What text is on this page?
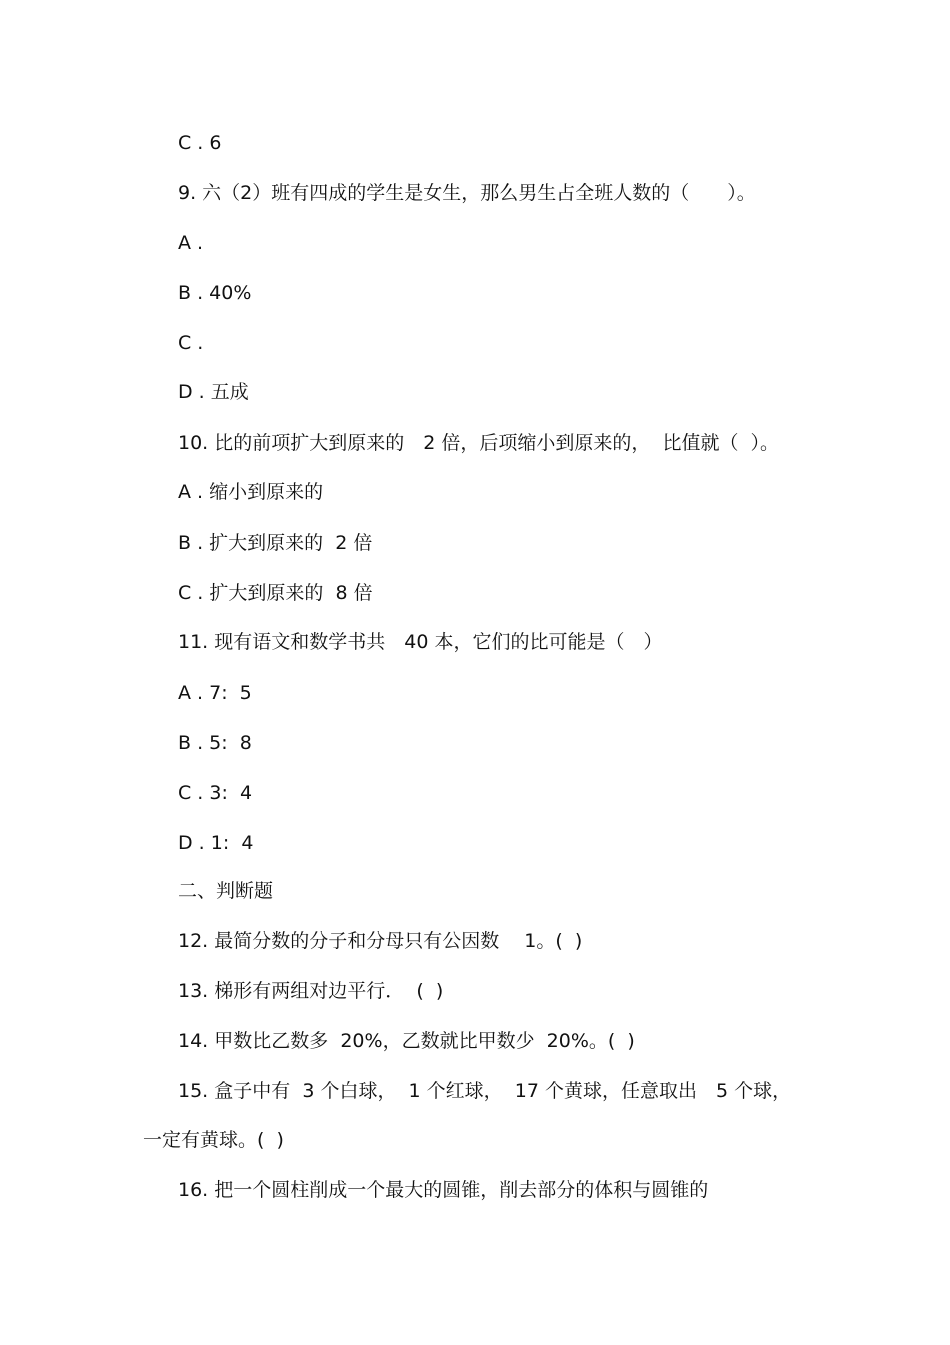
C . 6
9. 六（2）班有四成的学生是女生，那么男生占全班人数的（　　）。
A .
B . 40%
C .
D . 五成
10. 比的前项扩大到原来的　2 倍，后项缩小到原来的，  比值就（  ）。
A . 缩小到原来的
B . 扩大到原来的  2 倍
C . 扩大到原来的  8 倍
11. 现有语文和数学书共　40 本，它们的比可能是（　）
A . 7:  5
B . 5:  8
C . 3:  4
D . 1:  4
二、判断题
12. 最简分数的分子和分母只有公因数　 1。(  )
13. 梯形有两组对边平行．  (  )
14. 甲数比乙数多  20%，乙数就比甲数少  20%。(  )
15. 盒子中有  3 个白球，  1 个红球，  17 个黄球，任意取出　5 个球，
一定有黄球。(  )
16. 把一个圆柱削成一个最大的圆锥，削去部分的体积与圆锥的
